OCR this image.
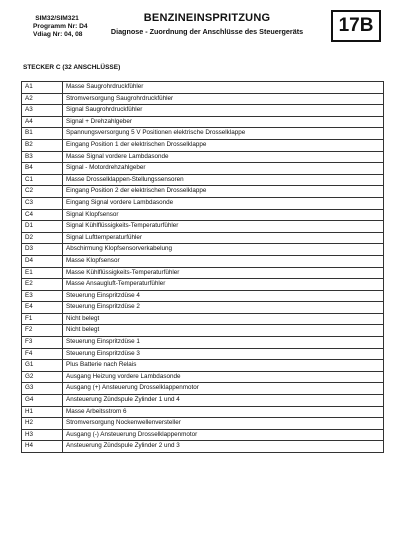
SIM32/SIM321
Programm Nr: D4
Vdiag Nr: 04, 08
BENZINEINSPRITZUNG
Diagnose - Zuordnung der Anschlüsse des Steuergeräts	17B
STECKER C (32 ANSCHLÜSSE)
A1	Masse Saugrohrdruckfühler
A2	Stromversorgung Saugrohrdruckfühler
A3	Signal Saugrohrdruckfühler
A4	Signal + Drehzahlgeber
B1	Spannungsversorgung 5 V Positionen elektrische Drosselklappe
B2	Eingang Position 1 der elektrischen Drosselklappe
B3	Masse Signal vordere Lambdasonde
B4	Signal - Motordrehzahlgeber
C1	Masse Drosselklappen-Stellungssensoren
C2	Eingang Position 2 der elektrischen Drosselklappe
C3	Eingang Signal vordere Lambdasonde
C4	Signal Klopfsensor
D1	Signal Kühlflüssigkeits-Temperaturfühler
D2	Signal Lufttemperaturfühler
D3	Abschirmung Klopfsensorverkabelung
D4	Masse Klopfsensor
E1	Masse Kühlflüssigkeits-Temperaturfühler
E2	Masse Ansaugluft-Temperaturfühler
E3	Steuerung Einspritzdüse 4
E4	Steuerung Einspritzdüse 2
F1	Nicht belegt
F2	Nicht belegt
F3	Steuerung Einspritzdüse 1
F4	Steuerung Einspritzdüse 3
G1	Plus Batterie nach Relais
G2	Ausgang Heizung vordere Lambdasonde
G3	Ausgang (+) Ansteuerung Drosselklappenmotor
G4	Ansteuerung Zündspule Zylinder 1 und 4
H1	Masse Arbeitsstrom 6
H2	Stromversorgung Nockenwellenversteller
H3	Ausgang (-) Ansteuerung Drosselklappenmotor
H4	Ansteuerung Zündspule Zylinder 2 und 3
